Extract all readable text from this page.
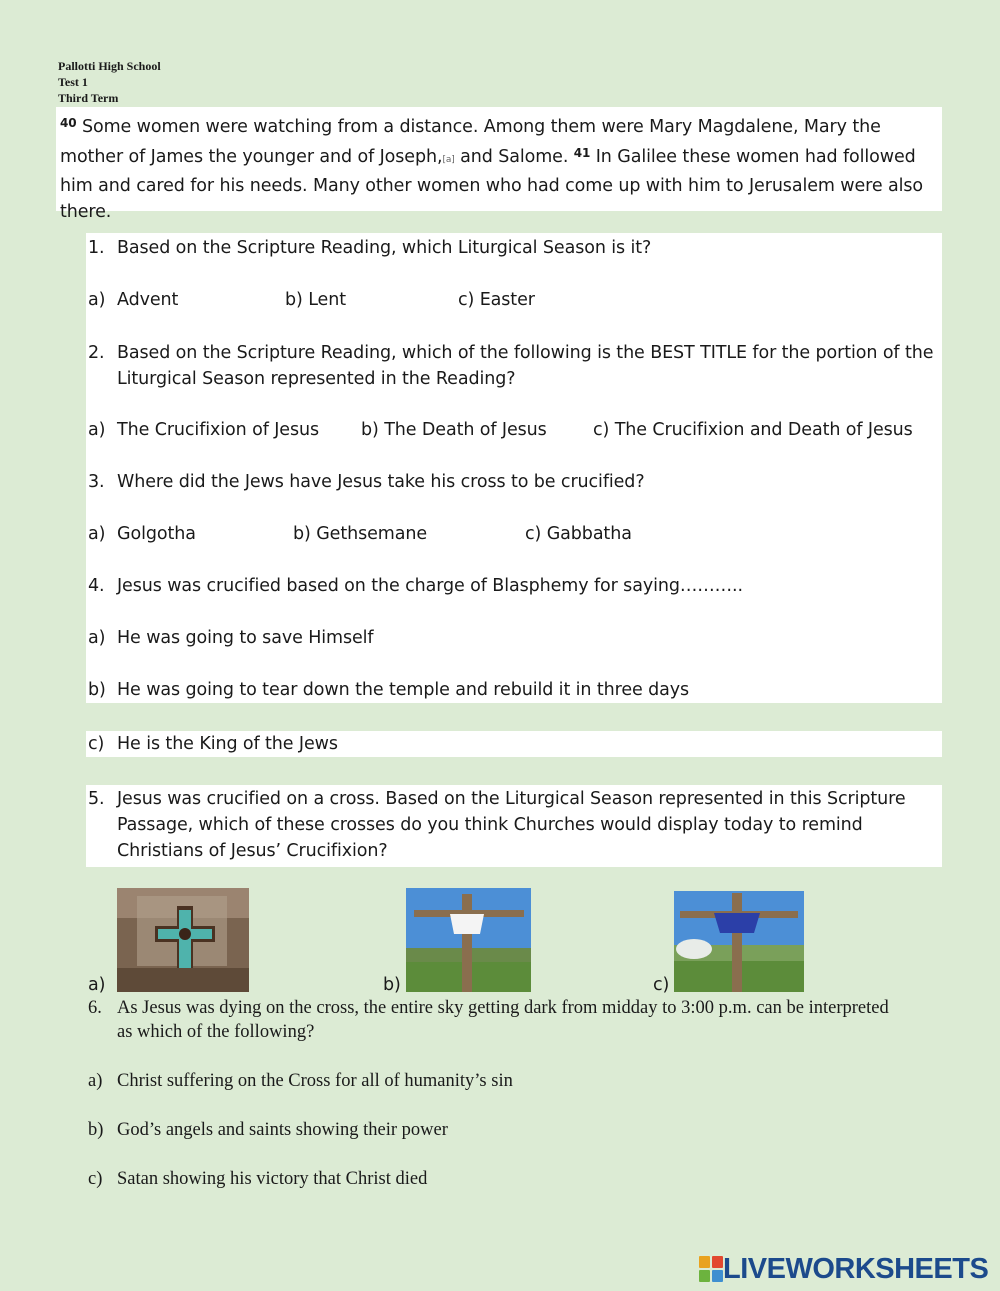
Pallotti High School
Test 1
Third Term
$^{40}$ Some women were watching from a distance. Among them were Mary Magdalene, Mary the mother of James the younger and of Joseph,[a] and Salome. $^{41}$ In Galilee these women had followed him and cared for his needs. Many other women who had come up with him to Jerusalem were also there.
1. Based on the Scripture Reading, which Liturgical Season is it?
a) Advent	b) Lent	c) Easter
2. Based on the Scripture Reading, which of the following is the BEST TITLE for the portion of the
Liturgical Season represented in the Reading?
a) The Crucifixion of Jesus b) The Death of Jesus	c) The Crucifixion and Death of Jesus
3. Where did the Jews have Jesus take his cross to be crucified?
a) Golgotha	b) Gethsemane	c) Gabbatha
4. Jesus was crucified based on the charge of Blasphemy for saying………..
a) He was going to save Himself
b) He was going to tear down the temple and rebuild it in three days
c) He is the King of the Jews
5. Jesus was crucified on a cross. Based on the Liturgical Season represented in this Scripture
Passage, which of these crosses do you think Churches would display today to remind
Christians of Jesus’ Crucifixion?
a)	b)	c)
6. As Jesus was dying on the cross, the entire sky getting dark from midday to 3:00 p.m. can be interpreted
as which of the following?
a) Christ suffering on the Cross for all of humanity’s sin
b) God’s angels and saints showing their power
c) Satan showing his victory that Christ died
LIVEWORKSHEETS
